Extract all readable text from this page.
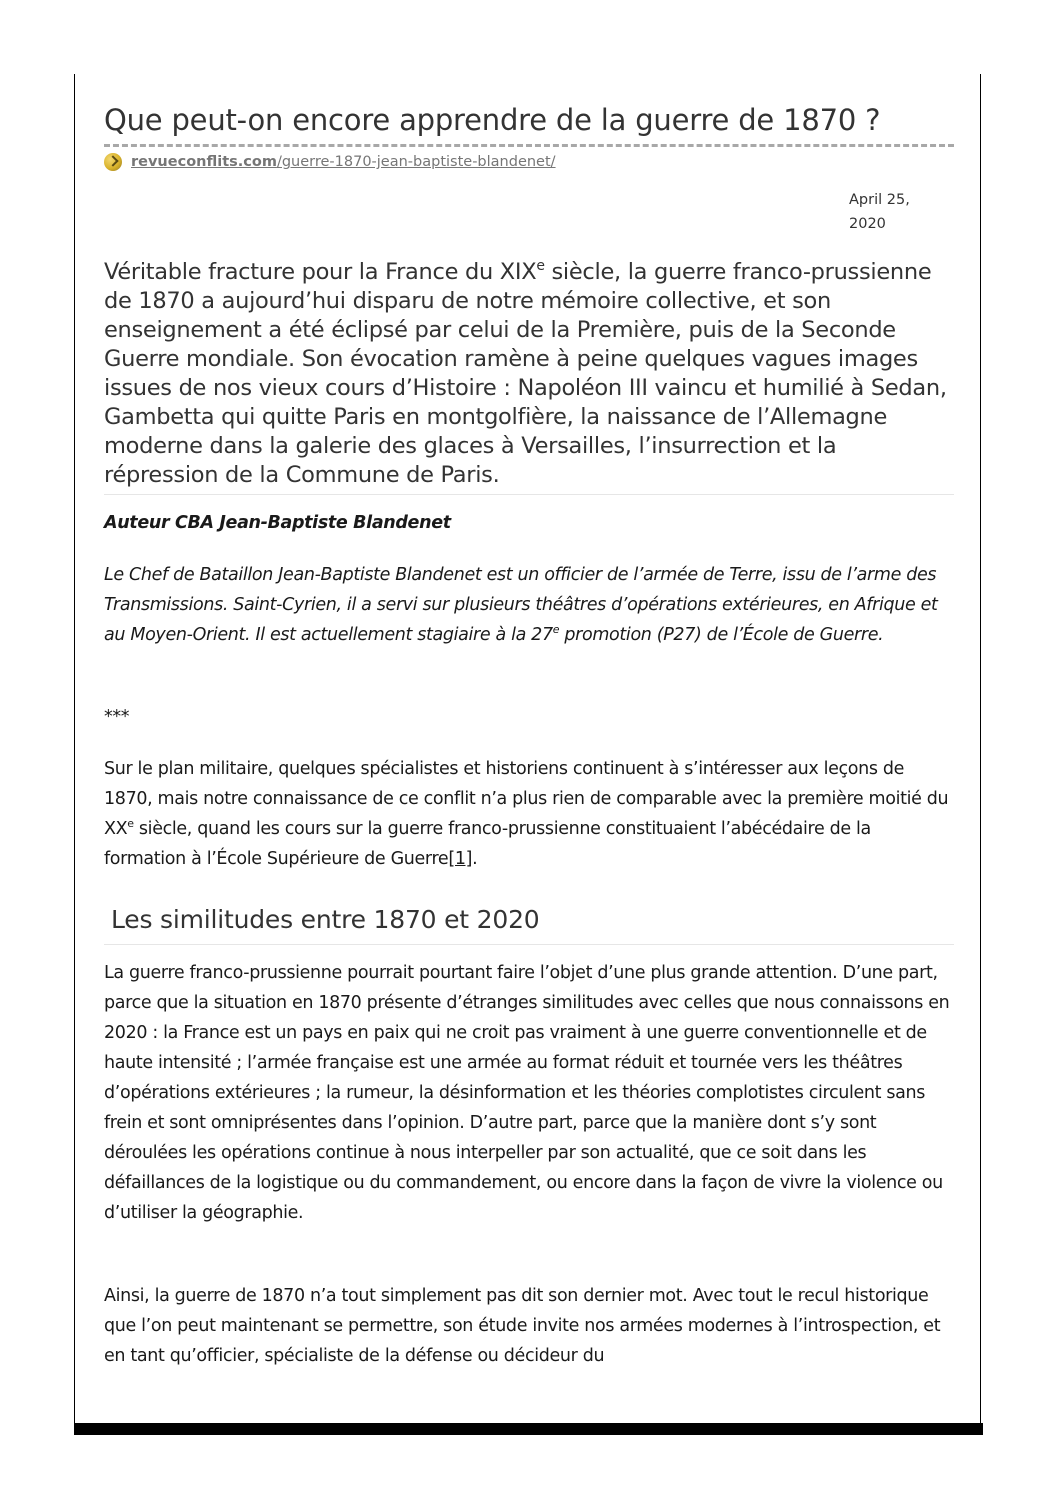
Que peut-on encore apprendre de la guerre de 1870 ?
revueconflits.com/guerre-1870-jean-baptiste-blandenet/
April 25,
2020

Véritable fracture pour la France du XIXe siècle, la guerre franco-prussienne de 1870 a aujourd’hui disparu de notre mémoire collective, et son enseignement a été éclipsé par celui de la Première, puis de la Seconde Guerre mondiale. Son évocation ramène à peine quelques vagues images issues de nos vieux cours d’Histoire : Napoléon III vaincu et humilié à Sedan, Gambetta qui quitte Paris en montgolfière, la naissance de l’Allemagne moderne dans la galerie des glaces à Versailles, l’insurrection et la répression de la Commune de Paris.

Auteur CBA Jean-Baptiste Blandenet

Le Chef de Bataillon Jean-Baptiste Blandenet est un officier de l’armée de Terre, issu de l’arme des Transmissions. Saint-Cyrien, il a servi sur plusieurs théâtres d’opérations extérieures, en Afrique et au Moyen-Orient. Il est actuellement stagiaire à la 27e promotion (P27) de l’École de Guerre.

***

Sur le plan militaire, quelques spécialistes et historiens continuent à s’intéresser aux leçons de 1870, mais notre connaissance de ce conflit n’a plus rien de comparable avec la première moitié du XXe siècle, quand les cours sur la guerre franco-prussienne constituaient l’abécédaire de la formation à l’École Supérieure de Guerre[1].

Les similitudes entre 1870 et 2020

La guerre franco-prussienne pourrait pourtant faire l’objet d’une plus grande attention. D’une part, parce que la situation en 1870 présente d’étranges similitudes avec celles que nous connaissons en 2020 : la France est un pays en paix qui ne croit pas vraiment à une guerre conventionnelle et de haute intensité ; l’armée française est une armée au format réduit et tournée vers les théâtres d’opérations extérieures ; la rumeur, la désinformation et les théories complotistes circulent sans frein et sont omniprésentes dans l’opinion. D’autre part, parce que la manière dont s’y sont déroulées les opérations continue à nous interpeller par son actualité, que ce soit dans les défaillances de la logistique ou du commandement, ou encore dans la façon de vivre la violence ou d’utiliser la géographie.

Ainsi, la guerre de 1870 n’a tout simplement pas dit son dernier mot. Avec tout le recul historique que l’on peut maintenant se permettre, son étude invite nos armées modernes à l’introspection, et en tant qu’officier, spécialiste de la défense ou décideur du
